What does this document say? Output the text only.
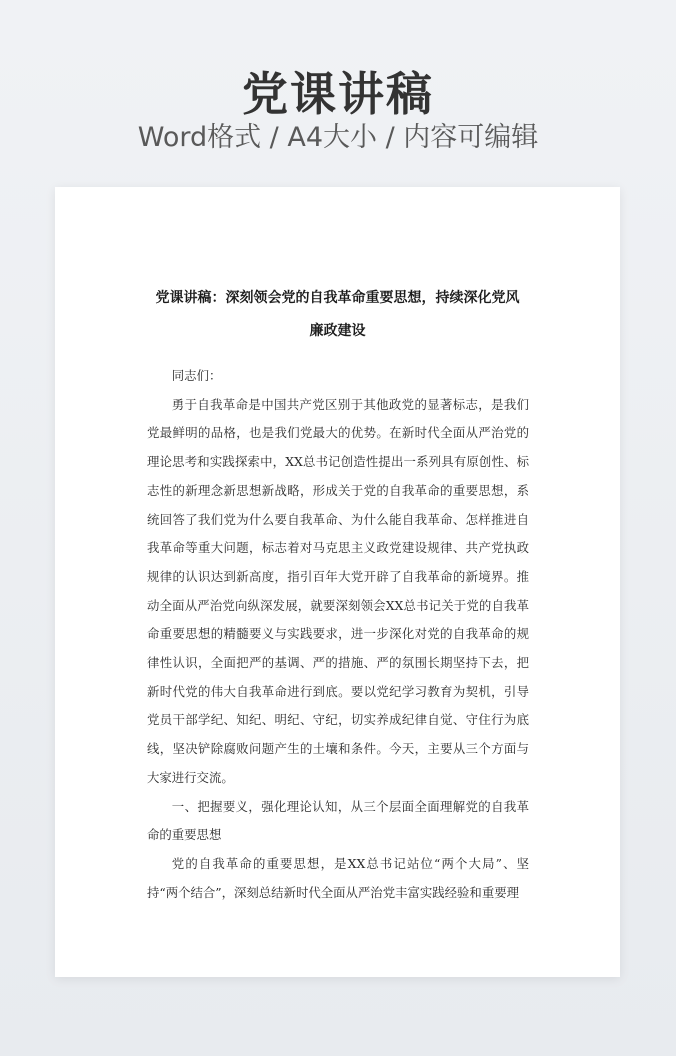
党课讲稿
Word格式 / A4大小 / 内容可编辑
党课讲稿：深刻领会党的自我革命重要思想，持续深化党风
廉政建设

同志们：

勇于自我革命是中国共产党区别于其他政党的显著标志，是我们党最鲜明的品格，也是我们党最大的优势。在新时代全面从严治党的理论思考和实践探索中，XX总书记创造性提出一系列具有原创性、标志性的新理念新思想新战略，形成关于党的自我革命的重要思想，系统回答了我们党为什么要自我革命、为什么能自我革命、怎样推进自我革命等重大问题，标志着对马克思主义政党建设规律、共产党执政规律的认识达到新高度，指引百年大党开辟了自我革命的新境界。推动全面从严治党向纵深发展，就要深刻领会XX总书记关于党的自我革命重要思想的精髓要义与实践要求，进一步深化对党的自我革命的规律性认识，全面把严的基调、严的措施、严的氛围长期坚持下去，把新时代党的伟大自我革命进行到底。要以党纪学习教育为契机，引导党员干部学纪、知纪、明纪、守纪，切实养成纪律自觉、守住行为底线，坚决铲除腐败问题产生的土壤和条件。今天，主要从三个方面与大家进行交流。

一、把握要义，强化理论认知，从三个层面全面理解党的自我革命的重要思想

党的自我革命的重要思想，是XX总书记站位“两个大局”、坚持“两个结合”，深刻总结新时代全面从严治党丰富实践经验和重要理
